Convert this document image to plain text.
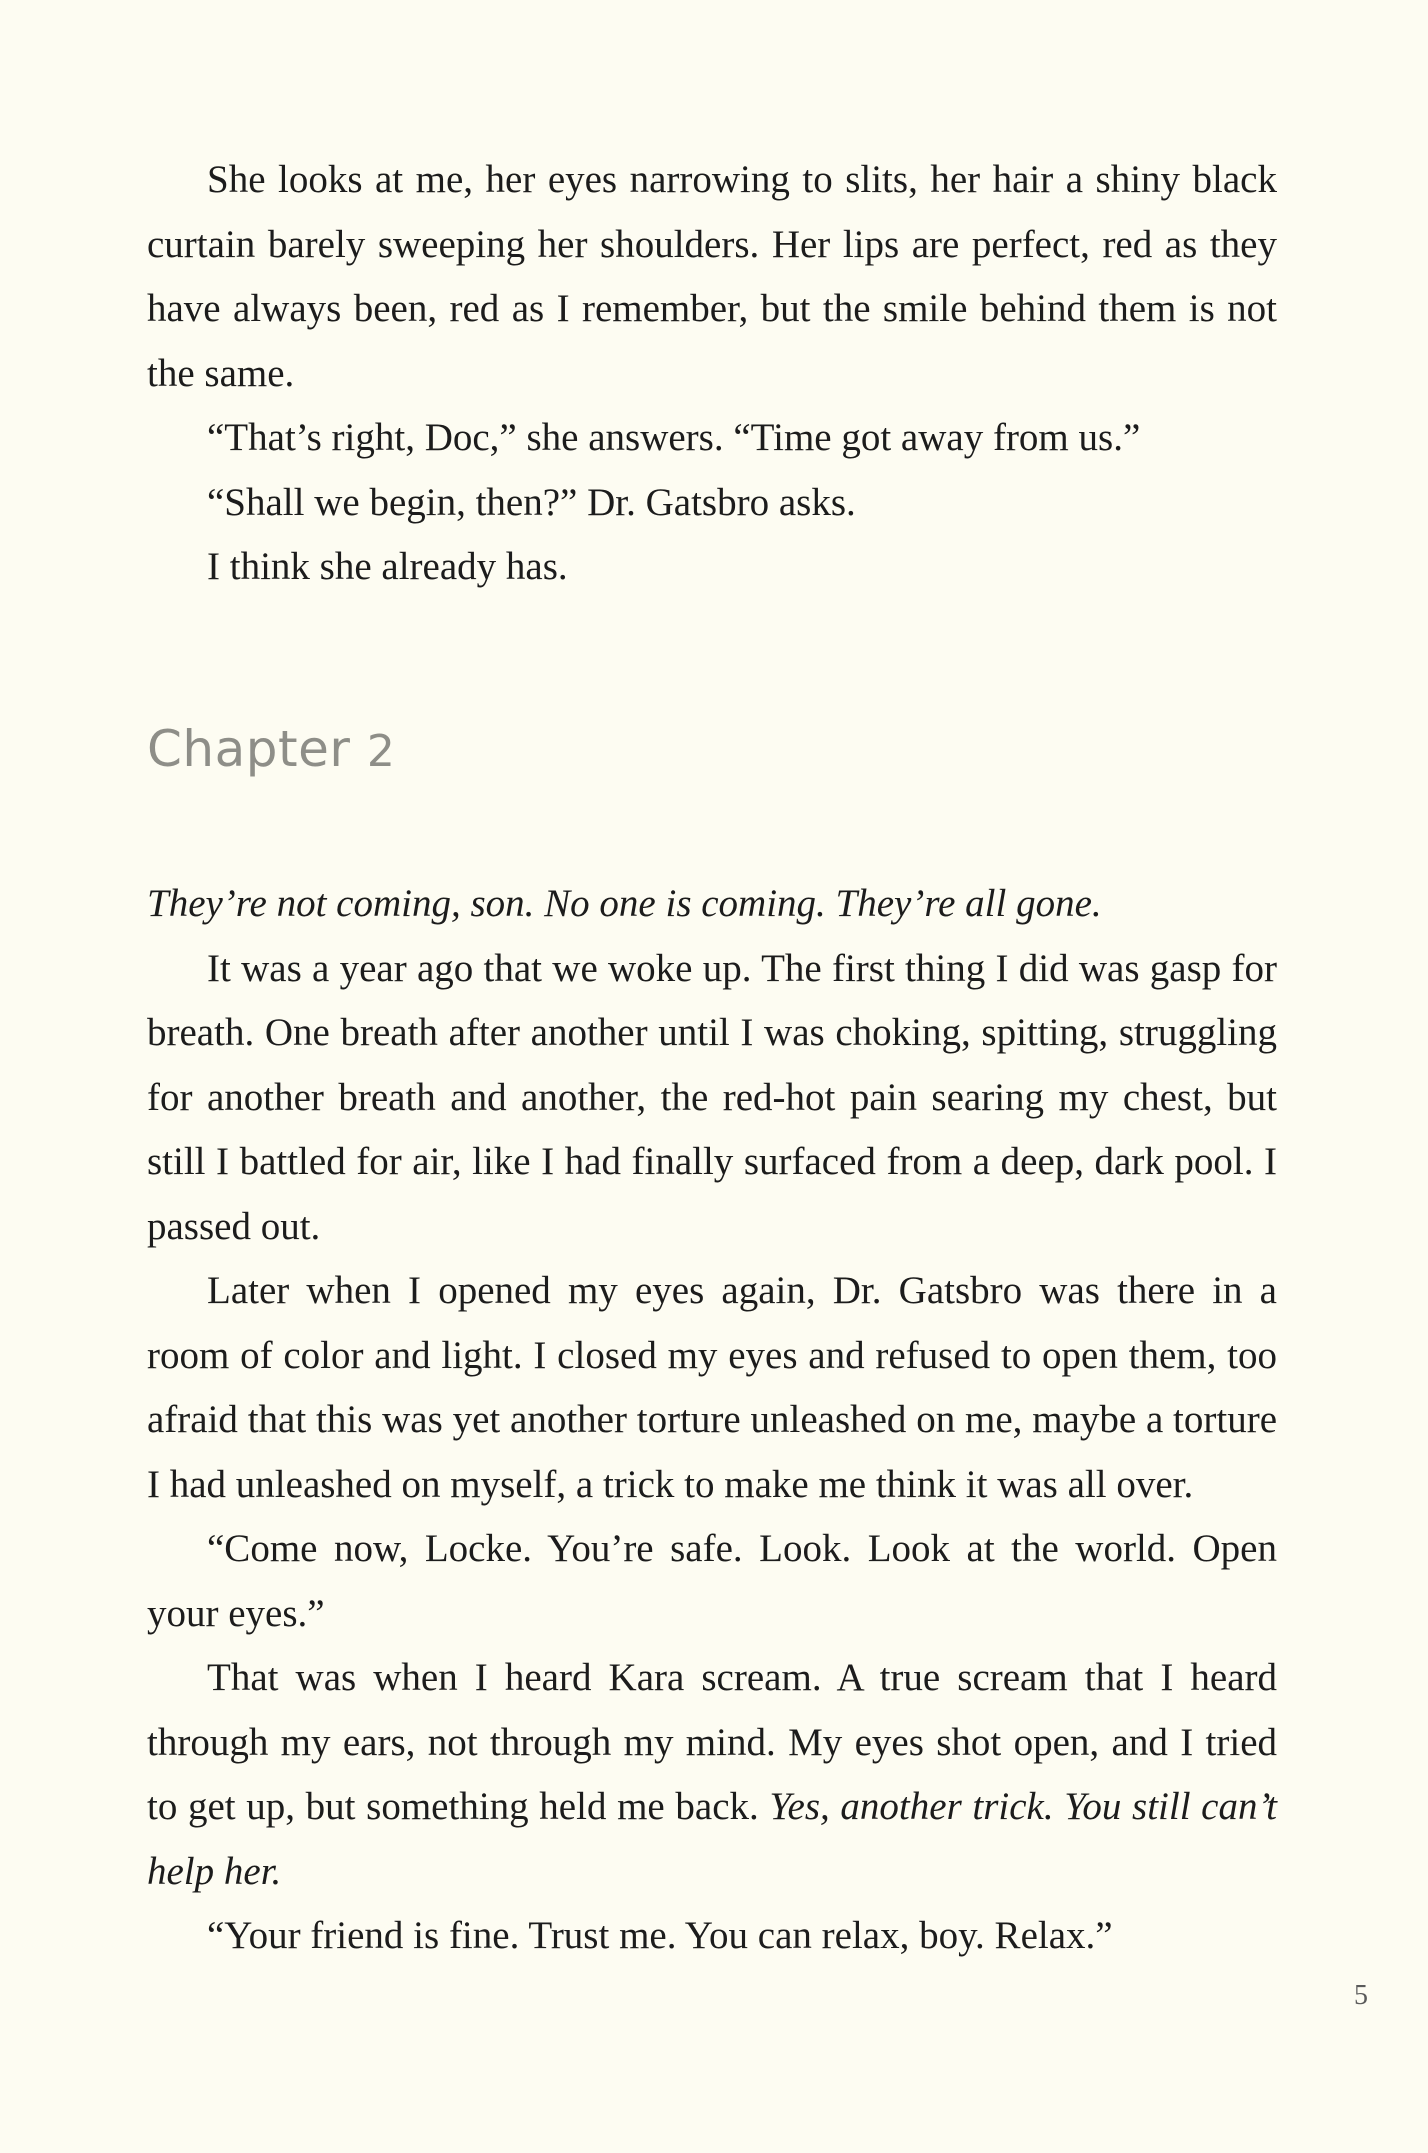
She looks at me, her eyes narrowing to slits, her hair a shiny black curtain barely sweeping her shoulders. Her lips are perfect, red as they have always been, red as I remember, but the smile behind them is not the same.

“That’s right, Doc,” she answers. “Time got away from us.”

“Shall we begin, then?” Dr. Gatsbro asks.

I think she already has.

Chapter 2

They’re not coming, son. No one is coming. They’re all gone.

It was a year ago that we woke up. The first thing I did was gasp for breath. One breath after another until I was choking, spitting, struggling for another breath and another, the red-hot pain searing my chest, but still I battled for air, like I had finally surfaced from a deep, dark pool. I passed out.

Later when I opened my eyes again, Dr. Gatsbro was there in a room of color and light. I closed my eyes and refused to open them, too afraid that this was yet another torture unleashed on me, maybe a torture I had unleashed on myself, a trick to make me think it was all over.

“Come now, Locke. You’re safe. Look. Look at the world. Open your eyes.”

That was when I heard Kara scream. A true scream that I heard through my ears, not through my mind. My eyes shot open, and I tried to get up, but something held me back. Yes, another trick. You still can’t help her.

“Your friend is fine. Trust me. You can relax, boy. Relax.”

5
